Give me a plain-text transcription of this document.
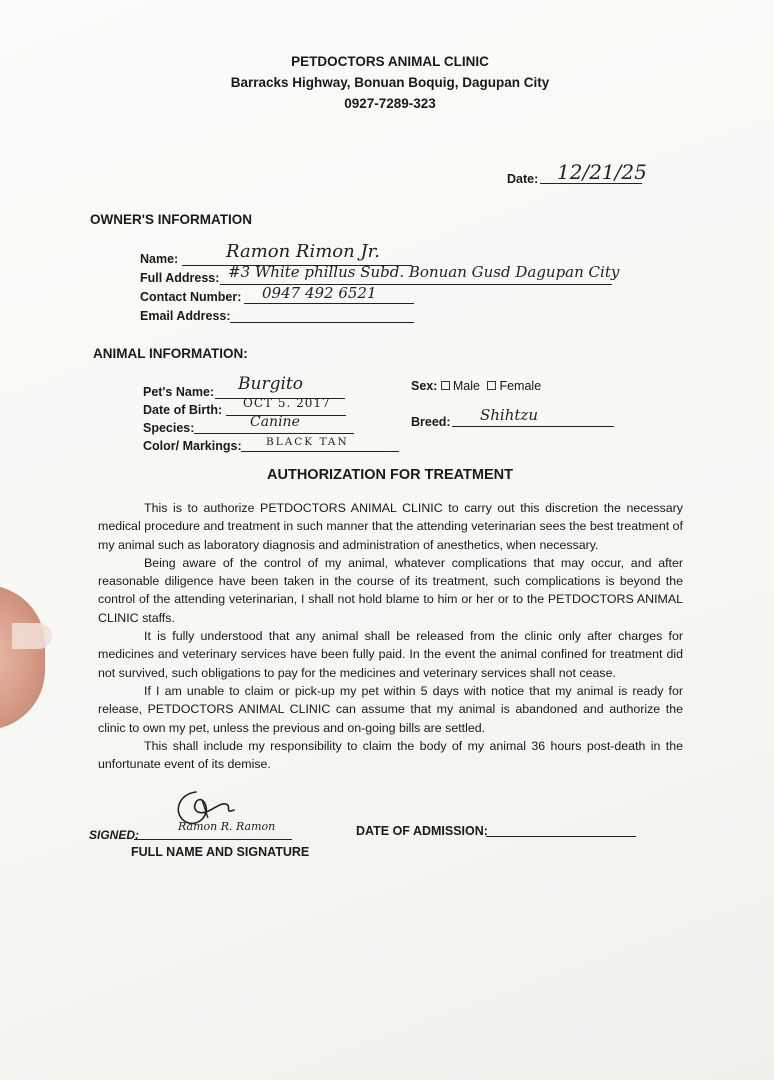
PETDOCTORS ANIMAL CLINIC
Barracks Highway, Bonuan Boquig, Dagupan City
0927-7289-323
Date: 12/21/25
OWNER'S INFORMATION
Name:	Ramon Rimon Jr.
Full Address: #3 White phillus Subd. Bonuan Gusd Dagupan City
Contact Number: 0947 492 6521
Email Address:
ANIMAL INFORMATION:
Pet's Name: Burgito
Date of Birth: OCT 5. 2017
Species:	Canine
Color/ Markings: BLACK TAN
Sex: Male Female
Breed: Shihtzu
AUTHORIZATION FOR TREATMENT

This is to authorize PETDOCTORS ANIMAL CLINIC to carry out this discretion the necessary medical procedure and treatment in such manner that the attending veterinarian sees the best treatment of my animal such as laboratory diagnosis and administration of anesthetics, when necessary.

Being aware of the control of my animal, whatever complications that may occur, and after reasonable diligence have been taken in the course of its treatment, such complications is beyond the control of the attending veterinarian, I shall not hold blame to him or her or to the PETDOCTORS ANIMAL CLINIC staffs.

It is fully understood that any animal shall be released from the clinic only after charges for medicines and veterinary services have been fully paid. In the event the animal confined for treatment did not survived, such obligations to pay for the medicines and veterinary services shall not cease.

If I am unable to claim or pick-up my pet within 5 days with notice that my animal is ready for release, PETDOCTORS ANIMAL CLINIC can assume that my animal is abandoned and authorize the clinic to own my pet, unless the previous and on-going bills are settled.

This shall include my responsibility to claim the body of my animal 36 hours post-death in the unfortunate event of its demise.

SIGNED:
Ramon R. Ramon
FULL NAME AND SIGNATURE
DATE OF ADMISSION:
